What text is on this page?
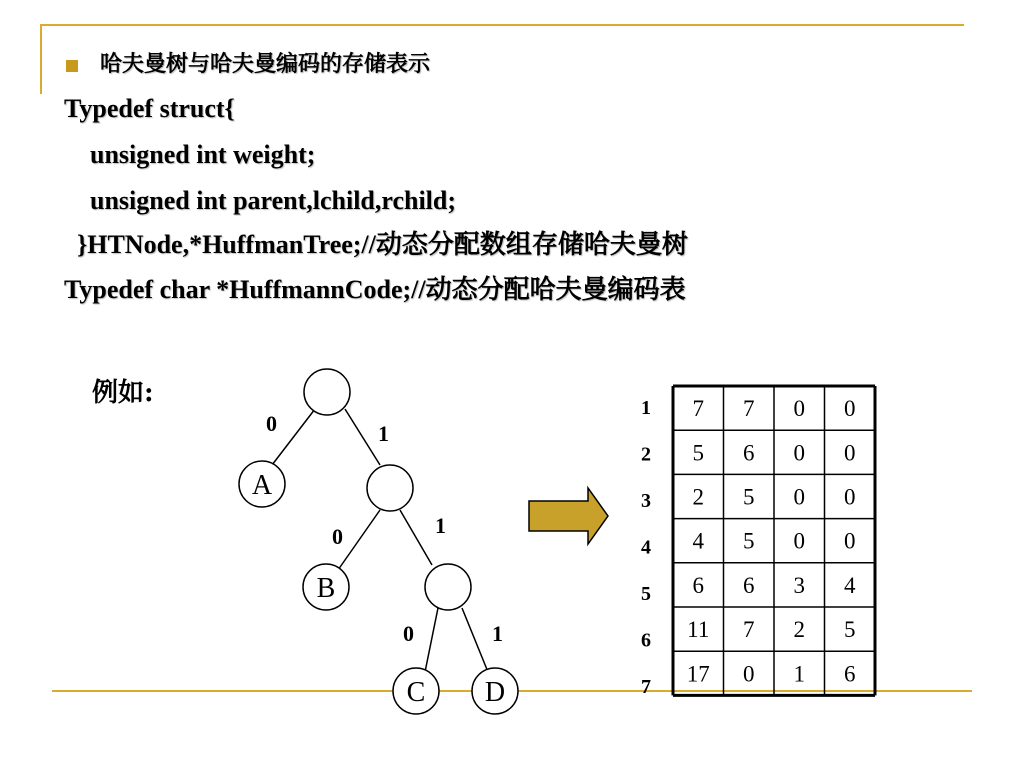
哈夫曼树与哈夫曼编码的存储表示
Typedef struct{
unsigned int weight;
unsigned int parent,lchild,rchild;
}HTNode,*HuffmanTree;//动态分配数组存储哈夫曼树
Typedef char *HuffmannCode;//动态分配哈夫曼编码表
例如:
A
B
C D
0	1
0	1
0	1
1
2
3
4
5
6
7
7 7 0 0
5 6 0 0
2 5 0 0
4 5 0 0
6 6 3 4
11 7 2 5
17 0 1 6
